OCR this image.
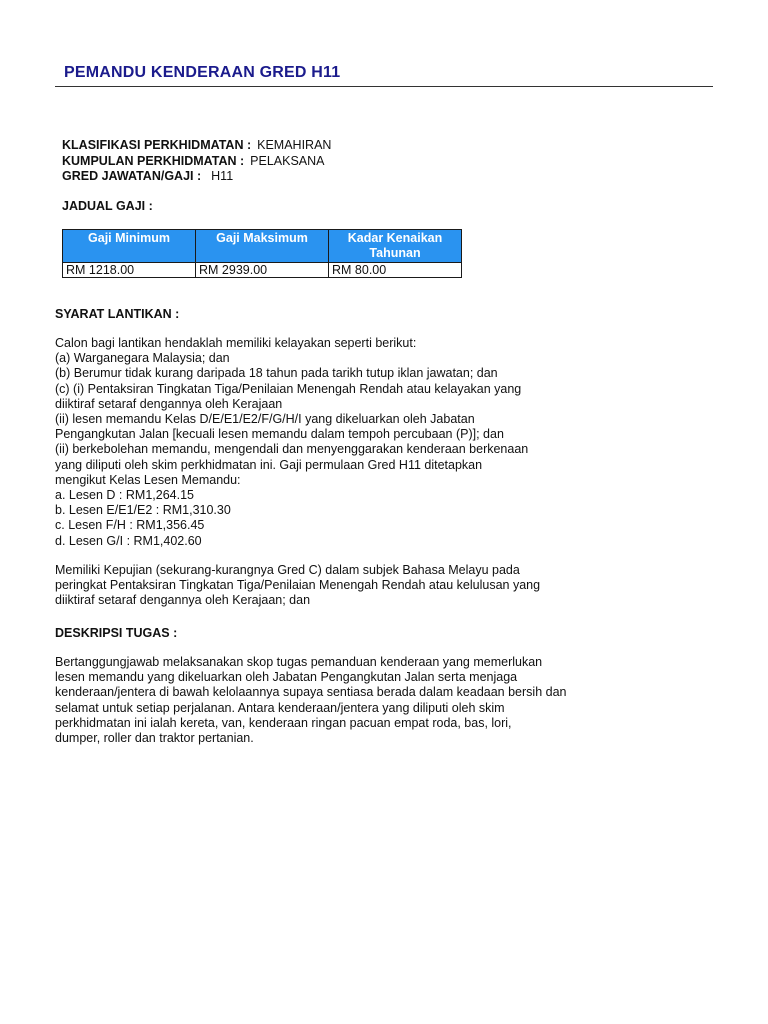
PEMANDU KENDERAAN GRED H11
KLASIFIKASI PERKHIDMATAN : KEMAHIRAN
KUMPULAN PERKHIDMATAN : PELAKSANA
GRED JAWATAN/GAJI : H11
JADUAL GAJI :
Gaji Minimum	Gaji Maksimum	Kadar Kenaikan Tahunan
RM 1218.00	RM 2939.00	RM 80.00
SYARAT LANTIKAN :
Calon bagi lantikan hendaklah memiliki kelayakan seperti berikut:
(a) Warganegara Malaysia; dan
(b) Berumur tidak kurang daripada 18 tahun pada tarikh tutup iklan jawatan; dan
(c) (i) Pentaksiran Tingkatan Tiga/Penilaian Menengah Rendah atau kelayakan yang
diiktiraf setaraf dengannya oleh Kerajaan
(ii) lesen memandu Kelas D/E/E1/E2/F/G/H/I yang dikeluarkan oleh Jabatan
Pengangkutan Jalan [kecuali lesen memandu dalam tempoh percubaan (P)]; dan
(ii) berkebolehan memandu, mengendali dan menyenggarakan kenderaan berkenaan
yang diliputi oleh skim perkhidmatan ini. Gaji permulaan Gred H11 ditetapkan
mengikut Kelas Lesen Memandu:
a. Lesen D : RM1,264.15
b. Lesen E/E1/E2 : RM1,310.30
c. Lesen F/H : RM1,356.45
d. Lesen G/I : RM1,402.60
Memiliki Kepujian (sekurang-kurangnya Gred C) dalam subjek Bahasa Melayu pada
peringkat Pentaksiran Tingkatan Tiga/Penilaian Menengah Rendah atau kelulusan yang
diiktiraf setaraf dengannya oleh Kerajaan; dan
DESKRIPSI TUGAS :
Bertanggungjawab melaksanakan skop tugas pemanduan kenderaan yang memerlukan
lesen memandu yang dikeluarkan oleh Jabatan Pengangkutan Jalan serta menjaga
kenderaan/jentera di bawah kelolaannya supaya sentiasa berada dalam keadaan bersih dan
selamat untuk setiap perjalanan. Antara kenderaan/jentera yang diliputi oleh skim
perkhidmatan ini ialah kereta, van, kenderaan ringan pacuan empat roda, bas, lori,
dumper, roller dan traktor pertanian.
